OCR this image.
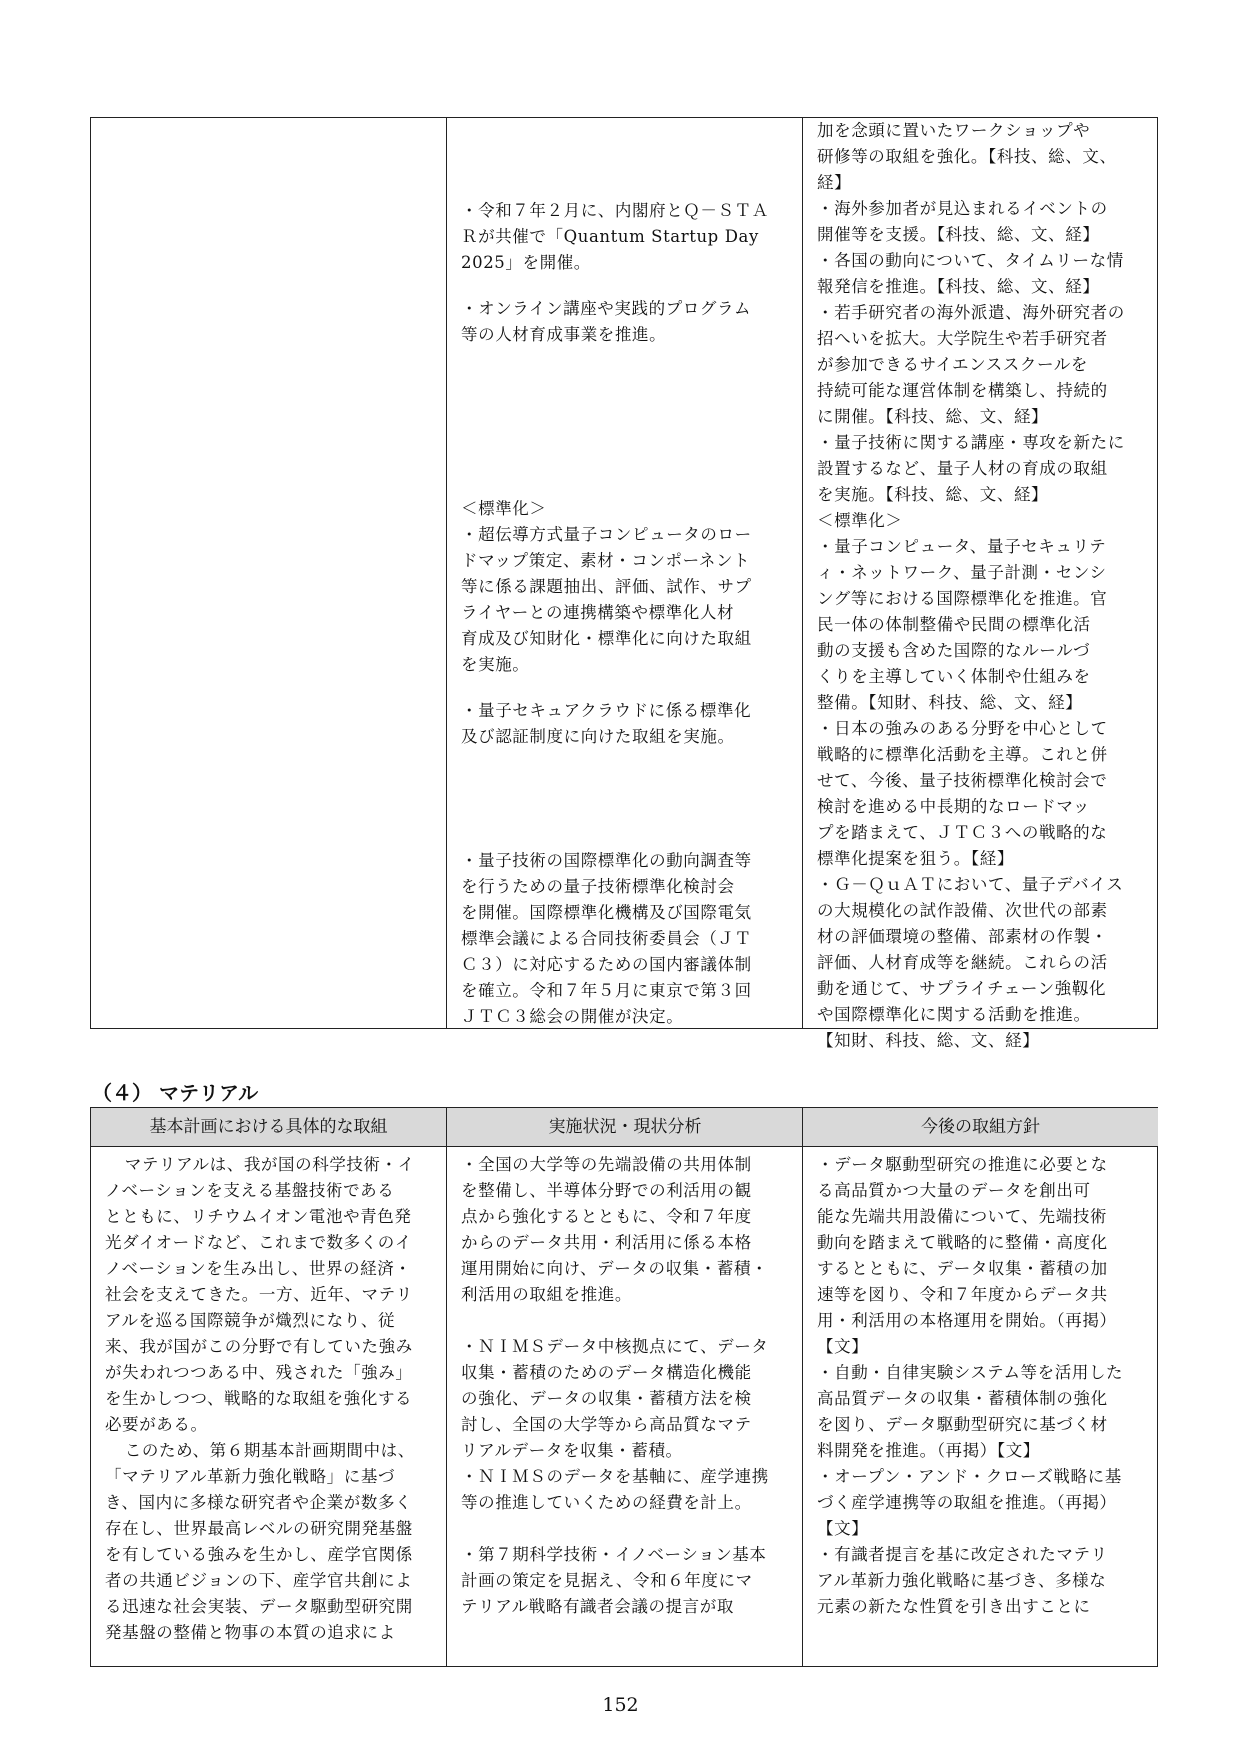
・令和７年２月に、内閣府とＱ－ＳＴＡ
Ｒが共催で「Quantum Startup Day
2025」を開催。
・オンライン講座や実践的プログラム
等の人材育成事業を推進。
＜標準化＞
・超伝導方式量子コンピュータのロー
ドマップ策定、素材・コンポーネント
等に係る課題抽出、評価、試作、サプ
ライヤーとの連携構築や標準化人材
育成及び知財化・標準化に向けた取組
を実施。
・量子セキュアクラウドに係る標準化
及び認証制度に向けた取組を実施。
・量子技術の国際標準化の動向調査等
を行うための量子技術標準化検討会
を開催。国際標準化機構及び国際電気
標準会議による合同技術委員会（ＪＴ
Ｃ３）に対応するための国内審議体制
を確立。令和７年５月に東京で第３回
ＪＴＣ３総会の開催が決定。
加を念頭に置いたワークショップや
研修等の取組を強化。【科技、総、文、
経】
・海外参加者が見込まれるイベントの
開催等を支援。【科技、総、文、経】
・各国の動向について、タイムリーな情
報発信を推進。【科技、総、文、経】
・若手研究者の海外派遣、海外研究者の
招へいを拡大。大学院生や若手研究者
が参加できるサイエンススクールを
持続可能な運営体制を構築し、持続的
に開催。【科技、総、文、経】
・量子技術に関する講座・専攻を新たに
設置するなど、量子人材の育成の取組
を実施。【科技、総、文、経】
＜標準化＞
・量子コンピュータ、量子セキュリテ
ィ・ネットワーク、量子計測・センシ
ング等における国際標準化を推進。官
民一体の体制整備や民間の標準化活
動の支援も含めた国際的なルールづ
くりを主導していく体制や仕組みを
整備。【知財、科技、総、文、経】
・日本の強みのある分野を中心として
戦略的に標準化活動を主導。これと併
せて、今後、量子技術標準化検討会で
検討を進める中長期的なロードマッ
プを踏まえて、ＪＴＣ３への戦略的な
標準化提案を狙う。【経】
・Ｇ－ＱｕＡＴにおいて、量子デバイス
の大規模化の試作設備、次世代の部素
材の評価環境の整備、部素材の作製・
評価、人材育成等を継続。これらの活
動を通じて、サプライチェーン強靱化
や国際標準化に関する活動を推進。
【知財、科技、総、文、経】
（４） マテリアル
基本計画における具体的な取組	実施状況・現状分析	今後の取組方針
マテリアルは、我が国の科学技術・イ
ノベーションを支える基盤技術である
とともに、リチウムイオン電池や青色発
光ダイオードなど、これまで数多くのイ
ノベーションを生み出し、世界の経済・
社会を支えてきた。一方、近年、マテリ
アルを巡る国際競争が熾烈になり、従
来、我が国がこの分野で有していた強み
が失われつつある中、残された「強み」
を生かしつつ、戦略的な取組を強化する
必要がある。
このため、第６期基本計画期間中は、
「マテリアル革新力強化戦略」に基づ
き、国内に多様な研究者や企業が数多く
存在し、世界最高レベルの研究開発基盤
を有している強みを生かし、産学官関係
者の共通ビジョンの下、産学官共創によ
る迅速な社会実装、データ駆動型研究開
発基盤の整備と物事の本質の追求によ
・全国の大学等の先端設備の共用体制
を整備し、半導体分野での利活用の観
点から強化するとともに、令和７年度
からのデータ共用・利活用に係る本格
運用開始に向け、データの収集・蓄積・
利活用の取組を推進。
・ＮＩＭＳデータ中核拠点にて、データ
収集・蓄積のためのデータ構造化機能
の強化、データの収集・蓄積方法を検
討し、全国の大学等から高品質なマテ
リアルデータを収集・蓄積。
・ＮＩＭＳのデータを基軸に、産学連携
等の推進していくための経費を計上。
・第７期科学技術・イノベーション基本
計画の策定を見据え、令和６年度にマ
テリアル戦略有識者会議の提言が取
・データ駆動型研究の推進に必要とな
る高品質かつ大量のデータを創出可
能な先端共用設備について、先端技術
動向を踏まえて戦略的に整備・高度化
するとともに、データ収集・蓄積の加
速等を図り、令和７年度からデータ共
用・利活用の本格運用を開始。（再掲）
【文】
・自動・自律実験システム等を活用した
高品質データの収集・蓄積体制の強化
を図り、データ駆動型研究に基づく材
料開発を推進。（再掲）【文】
・オープン・アンド・クローズ戦略に基
づく産学連携等の取組を推進。（再掲）
【文】
・有識者提言を基に改定されたマテリ
アル革新力強化戦略に基づき、多様な
元素の新たな性質を引き出すことに
152
